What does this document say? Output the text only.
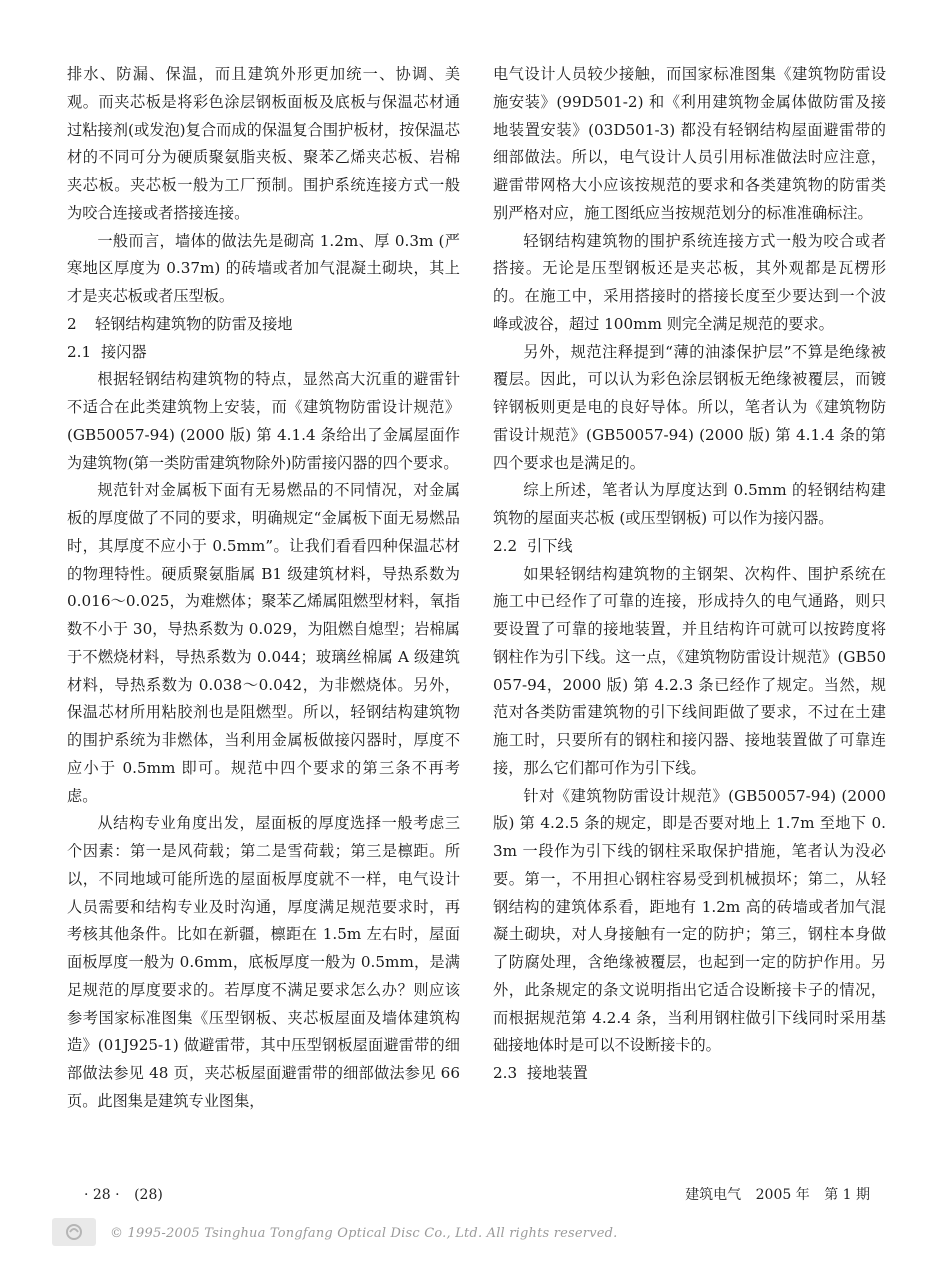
排水、防漏、保温，而且建筑外形更加统一、协调、美观。而夹芯板是将彩色涂层钢板面板及底板与保温芯材通过粘接剂(或发泡)复合而成的保温复合围护板材，按保温芯材的不同可分为硬质聚氨脂夹板、聚苯乙烯夹芯板、岩棉夹芯板。夹芯板一般为工厂预制。围护系统连接方式一般为咬合连接或者搭接连接。

一般而言，墙体的做法先是砌高 1.2m、厚 0.3m (严寒地区厚度为 0.37m) 的砖墙或者加气混凝土砌块，其上才是夹芯板或者压型板。

2 轻钢结构建筑物的防雷及接地

2.1 接闪器

根据轻钢结构建筑物的特点，显然高大沉重的避雷针不适合在此类建筑物上安装，而《建筑物防雷设计规范》(GB50057-94) (2000 版) 第 4.1.4 条给出了金属屋面作为建筑物(第一类防雷建筑物除外)防雷接闪器的四个要求。

规范针对金属板下面有无易燃品的不同情况，对金属板的厚度做了不同的要求，明确规定“金属板下面无易燃品时，其厚度不应小于 0.5mm”。让我们看看四种保温芯材的物理特性。硬质聚氨脂属 B1 级建筑材料，导热系数为 0.016～0.025，为难燃体；聚苯乙烯属阻燃型材料，氧指数不小于 30，导热系数为 0.029，为阻燃自熄型；岩棉属于不燃烧材料，导热系数为 0.044；玻璃丝棉属 A 级建筑材料，导热系数为 0.038～0.042，为非燃烧体。另外，保温芯材所用粘胶剂也是阻燃型。所以，轻钢结构建筑物的围护系统为非燃体，当利用金属板做接闪器时，厚度不应小于 0.5mm 即可。规范中四个要求的第三条不再考虑。

从结构专业角度出发，屋面板的厚度选择一般考虑三个因素：第一是风荷载；第二是雪荷载；第三是檩距。所以，不同地域可能所选的屋面板厚度就不一样，电气设计人员需要和结构专业及时沟通，厚度满足规范要求时，再考核其他条件。比如在新疆，檩距在 1.5m 左右时，屋面面板厚度一般为 0.6mm，底板厚度一般为 0.5mm，是满足规范的厚度要求的。若厚度不满足要求怎么办？则应该参考国家标准图集《压型钢板、夹芯板屋面及墙体建筑构造》(01J925-1) 做避雷带，其中压型钢板屋面避雷带的细部做法参见 48 页，夹芯板屋面避雷带的细部做法参见 66 页。此图集是建筑专业图集，

电气设计人员较少接触，而国家标准图集《建筑物防雷设施安装》(99D501-2) 和《利用建筑物金属体做防雷及接地装置安装》(03D501-3) 都没有轻钢结构屋面避雷带的细部做法。所以，电气设计人员引用标准做法时应注意，避雷带网格大小应该按规范的要求和各类建筑物的防雷类别严格对应，施工图纸应当按规范划分的标准准确标注。

轻钢结构建筑物的围护系统连接方式一般为咬合或者搭接。无论是压型钢板还是夹芯板，其外观都是瓦楞形的。在施工中，采用搭接时的搭接长度至少要达到一个波峰或波谷，超过 100mm 则完全满足规范的要求。

另外，规范注释提到“薄的油漆保护层”不算是绝缘被覆层。因此，可以认为彩色涂层钢板无绝缘被覆层，而镀锌钢板则更是电的良好导体。所以，笔者认为《建筑物防雷设计规范》(GB50057-94) (2000 版) 第 4.1.4 条的第四个要求也是满足的。

综上所述，笔者认为厚度达到 0.5mm 的轻钢结构建筑物的屋面夹芯板 (或压型钢板) 可以作为接闪器。

2.2 引下线

如果轻钢结构建筑物的主钢架、次构件、围护系统在施工中已经作了可靠的连接，形成持久的电气通路，则只要设置了可靠的接地装置，并且结构许可就可以按跨度将钢柱作为引下线。这一点，《建筑物防雷设计规范》(GB50057-94，2000 版) 第 4.2.3 条已经作了规定。当然，规范对各类防雷建筑物的引下线间距做了要求，不过在土建施工时，只要所有的钢柱和接闪器、接地装置做了可靠连接，那么它们都可作为引下线。

针对《建筑物防雷设计规范》(GB50057-94) (2000 版) 第 4.2.5 条的规定，即是否要对地上 1.7m 至地下 0.3m 一段作为引下线的钢柱采取保护措施，笔者认为没必要。第一，不用担心钢柱容易受到机械损坏；第二，从轻钢结构的建筑体系看，距地有 1.2m 高的砖墙或者加气混凝土砌块，对人身接触有一定的防护；第三，钢柱本身做了防腐处理，含绝缘被覆层，也起到一定的防护作用。另外，此条规定的条文说明指出它适合设断接卡子的情况，而根据规范第 4.2.4 条，当利用钢柱做引下线同时采用基础接地体时是可以不设断接卡的。

2.3 接地装置

· 28 · (28)	建筑电气 2005 年 第 1 期
© 1995-2005 Tsinghua Tongfang Optical Disc Co., Ltd. All rights reserved.
